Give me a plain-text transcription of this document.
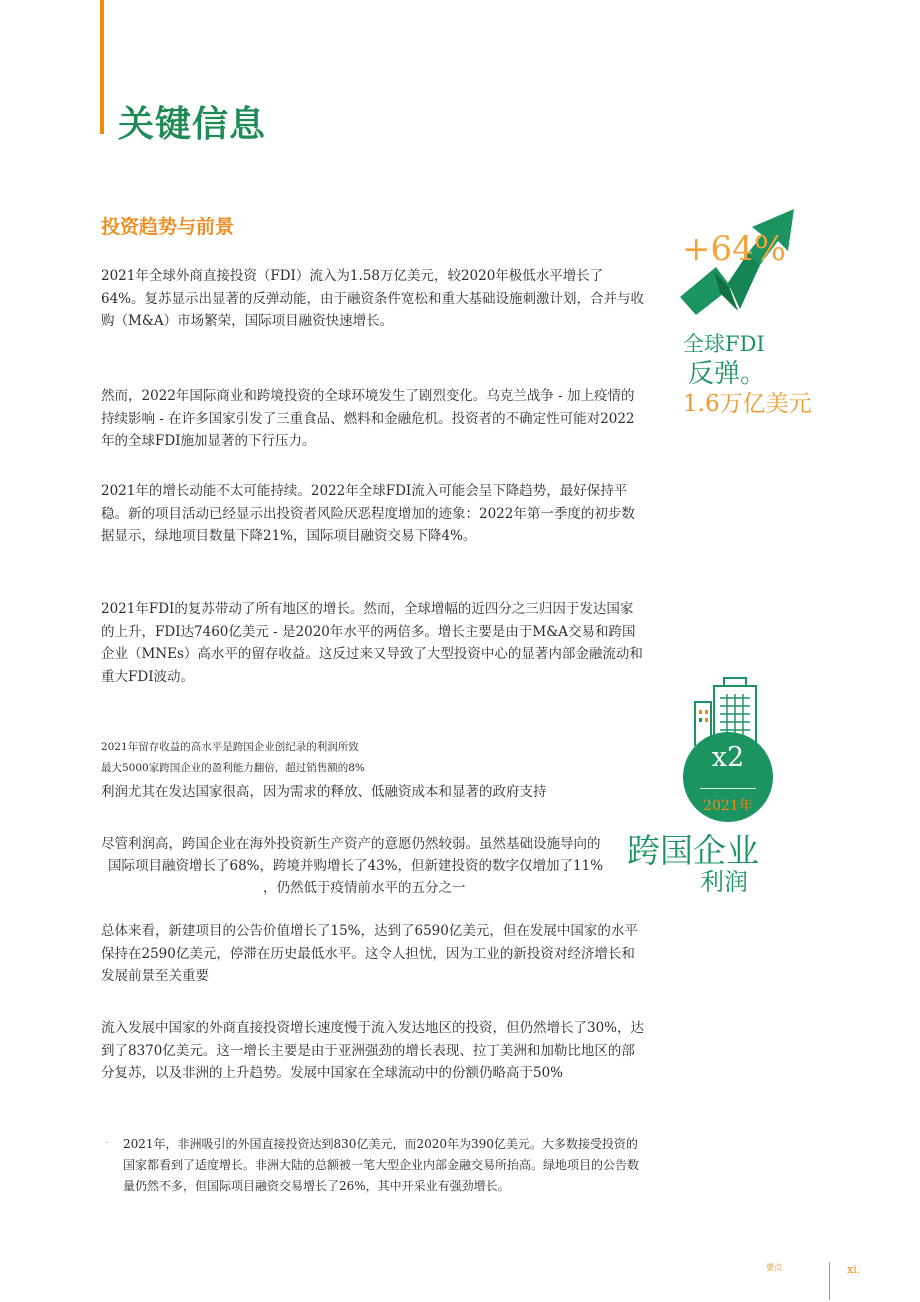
关键信息
投资趋势与前景

2021年全球外商直接投资（FDI）流入为1.58万亿美元，较2020年极低水平增长了64%。复苏显示出显著的反弹动能，由于融资条件宽松和重大基础设施刺激计划，合并与收购（M&A）市场繁荣，国际项目融资快速增长。

然而，2022年国际商业和跨境投资的全球环境发生了剧烈变化。乌克兰战争 - 加上疫情的持续影响 - 在许多国家引发了三重食品、燃料和金融危机。投资者的不确定性可能对2022年的全球FDI施加显著的下行压力。

2021年的增长动能不太可能持续。2022年全球FDI流入可能会呈下降趋势，最好保持平稳。新的项目活动已经显示出投资者风险厌恶程度增加的迹象：2022年第一季度的初步数据显示，绿地项目数量下降21%，国际项目融资交易下降4%。

2021年FDI的复苏带动了所有地区的增长。然而，全球增幅的近四分之三归因于发达国家的上升，FDI达7460亿美元 - 是2020年水平的两倍多。增长主要是由于M&A交易和跨国企业（MNEs）高水平的留存收益。这反过来又导致了大型投资中心的显著内部金融流动和重大FDI波动。

2021年留存收益的高水平是跨国企业创纪录的利润所致
最大5000家跨国企业的盈利能力翻倍，超过销售额的8%
利润尤其在发达国家很高，因为需求的释放、低融资成本和显著的政府支持
尽管利润高，跨国企业在海外投资新生产资产的意愿仍然较弱。虽然基础设施导向的
国际项目融资增长了68%，跨境并购增长了43%，但新建投资的数字仅增加了11%
，仍然低于疫情前水平的五分之一

总体来看，新建项目的公告价值增长了15%，达到了6590亿美元，但在发展中国家的水平保持在2590亿美元，停滞在历史最低水平。这令人担忧，因为工业的新投资对经济增长和发展前景至关重要

流入发展中国家的外商直接投资增长速度慢于流入发达地区的投资，但仍然增长了30%，达到了8370亿美元。这一增长主要是由于亚洲强劲的增长表现、拉丁美洲和加勒比地区的部分复苏，以及非洲的上升趋势。发展中国家在全球流动中的份额仍略高于50%

· 2021年，非洲吸引的外国直接投资达到830亿美元，而2020年为390亿美元。大多数接受投资的国家都看到了适度增长。非洲大陆的总额被一笔大型企业内部金融交易所抬高。绿地项目的公告数量仍然不多，但国际项目融资交易增长了26%，其中开采业有强劲增长。

+64%
全球FDI
反弹。
1.6万亿美元
x2
2021年
跨国企业
利润
要点	xi.
